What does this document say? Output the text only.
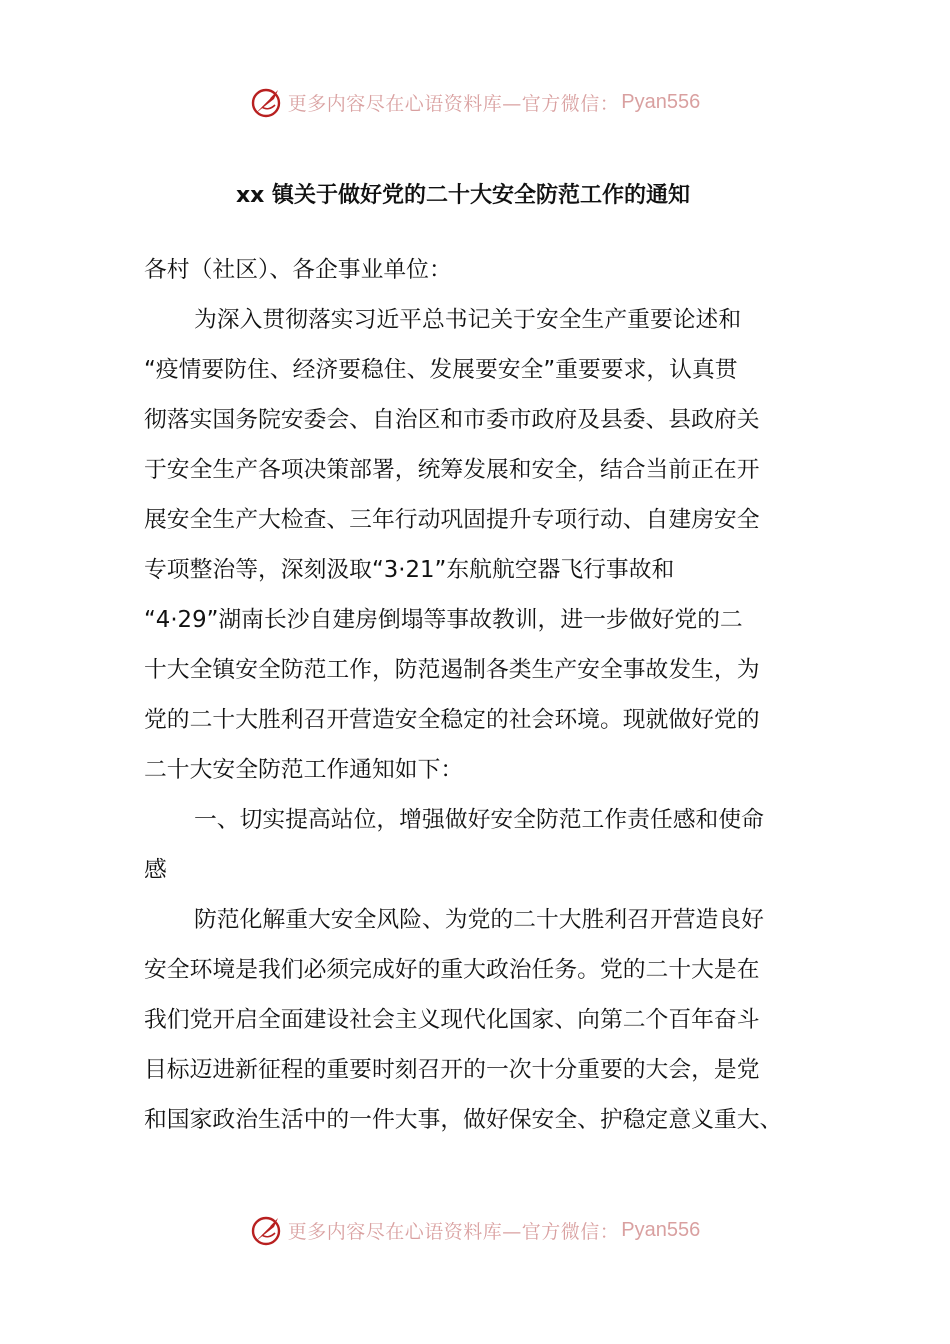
更多内容尽在心语资料库—官方微信： Pyan556
xx 镇关于做好党的二十大安全防范工作的通知
各村（社区）、各企事业单位：
为深入贯彻落实习近平总书记关于安全生产重要论述和
“疫情要防住、经济要稳住、发展要安全”重要要求，认真贯
彻落实国务院安委会、自治区和市委市政府及县委、县政府关
于安全生产各项决策部署，统筹发展和安全，结合当前正在开
展安全生产大检查、三年行动巩固提升专项行动、自建房安全
专项整治等，深刻汲取“3·21”东航航空器飞行事故和
“4·29”湖南长沙自建房倒塌等事故教训，进一步做好党的二
十大全镇安全防范工作，防范遏制各类生产安全事故发生，为
党的二十大胜利召开营造安全稳定的社会环境。现就做好党的
二十大安全防范工作通知如下：
一、切实提高站位，增强做好安全防范工作责任感和使命
感
防范化解重大安全风险、为党的二十大胜利召开营造良好
安全环境是我们必须完成好的重大政治任务。党的二十大是在
我们党开启全面建设社会主义现代化国家、向第二个百年奋斗
目标迈进新征程的重要时刻召开的一次十分重要的大会，是党
和国家政治生活中的一件大事，做好保安全、护稳定意义重大、
更多内容尽在心语资料库—官方微信： Pyan556
